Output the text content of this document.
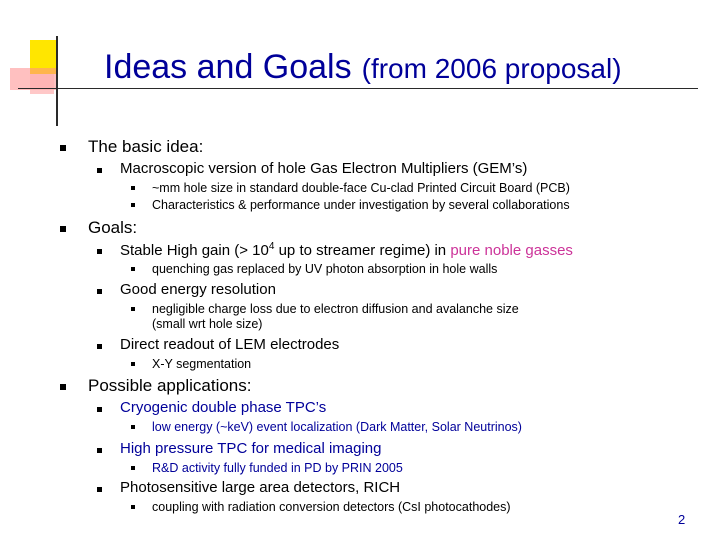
Ideas and Goals (from 2006 proposal)
The basic idea:
Macroscopic version of hole Gas Electron Multipliers (GEM’s)
~mm hole size in standard double-face Cu-clad Printed Circuit Board (PCB)
Characteristics & performance under investigation by several collaborations
Goals:
Stable High gain (> $10^4$ up to streamer regime) in pure noble gasses
quenching gas replaced by UV photon absorption in hole walls
Good energy resolution
negligible charge loss due to electron diffusion and avalanche size
(small wrt hole size)
Direct readout of LEM electrodes
X-Y segmentation
Possible applications:
Cryogenic double phase TPC’s
low energy (~keV) event localization (Dark Matter, Solar Neutrinos)
High pressure TPC for medical imaging
R&D activity fully funded in PD by PRIN 2005
Photosensitive large area detectors, RICH
coupling with radiation conversion detectors (CsI photocathodes)
2
